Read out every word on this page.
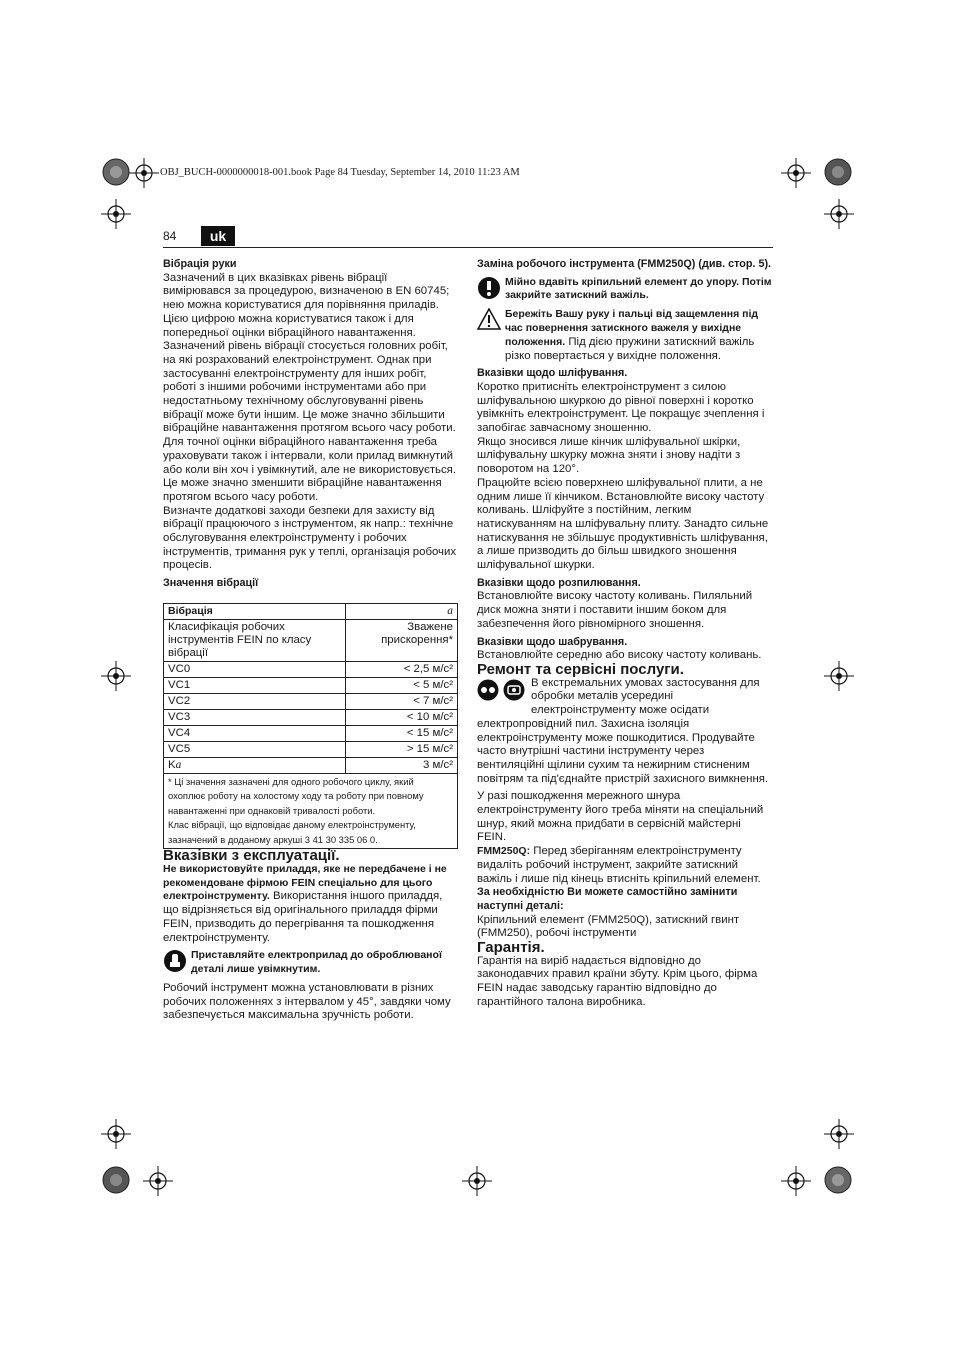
OBJ_BUCH-0000000018-001.book Page 84 Tuesday, September 14, 2010 11:23 AM
84	uk

Вібрація руки

Зазначений в цих вказівках рівень вібрації вимірювався за процедурою, визначеною в EN 60745; нею можна користуватися для порівняння приладів. Цією цифрою можна користуватися також і для попередньої оцінки вібраційного навантаження.

Зазначений рівень вібрації стосується головних робіт, на які розрахований електроінструмент. Однак при застосуванні електроінструменту для інших робіт, роботі з іншими робочими інструментами або при недостатньому технічному обслуговуванні рівень вібрації може бути іншим. Це може значно збільшити вібраційне навантаження протягом всього часу роботи.

Для точної оцінки вібраційного навантаження треба ураховувати також і інтервали, коли прилад вимкнутий або коли він хоч і увімкнутий, але не використовується. Це може значно зменшити вібраційне навантаження протягом всього часу роботи.

Визначте додаткові заходи безпеки для захисту від вібрації працюючого з інструментом, як напр.: технічне обслуговування електроінструменту і робочих інструментів, тримання рук у теплі, організація робочих процесів.

Значення вібрації

Вібрація	a
Класифікація робочих інструментів FEIN по класу вібрації	Зважене прискорення*
VC0	< 2,5 м/с²
VC1	< 5 м/с²
VC2	< 7 м/с²
VC3	< 10 м/с²
VC4	< 15 м/с²
VC5	> 15 м/с²
Ka	3 м/с²

* Ці значення зазначені для одного робочого циклу, який охоплює роботу на холостому ходу та роботу при повному навантаженні при однаковій тривалості роботи.
Клас вібрації, що відповідає даному електроінструменту, зазначений в доданому аркуші 3 41 30 335 06 0.	

Вказівки з експлуатації.

Не використовуйте приладдя, яке не передбачене і не рекомендоване фірмою FEIN спеціально для цього електроінструменту. Використання іншого приладдя, що відрізняється від оригінального приладдя фірми FEIN, призводить до перегрівання та пошкодження електроінструменту.

Приставляйте електроприлад до оброблюваної деталі лише увімкнутим.

Робочий інструмент можна установлювати в різних робочих положеннях з інтервалом у 45°, завдяки чому забезпечується максимальна зручність роботи.

Заміна робочого інструмента (FMM250Q) (див. стор. 5).

Мійно вдавіть кріпильний елемент до упору. Потім закрийте затискний важіль.
Бережіть Вашу руку і пальці від защемлення під час повернення затискного важеля у вихідне положення. Під дією пружини затискний важіль різко повертається у вихідне положення.

Вказівки щодо шліфування.

Коротко притисніть електроінструмент з силою шліфувальною шкуркою до рівної поверхні і коротко увімкніть електроінструмент. Це покращує зчеплення і запобігає завчасному зношенню.

Якщо зносився лише кінчик шліфувальної шкірки, шліфувальну шкурку можна зняти і знову надіти з поворотом на 120°.

Працюйте всією поверхнею шліфувальної плити, а не одним лише її кінчиком. Встановлюйте високу частоту коливань. Шліфуйте з постійним, легким натискуванням на шліфувальну плиту. Занадто сильне натискування не збільшує продуктивність шліфування, а лише призводить до більш швидкого зношення шліфувальної шкурки.

Вказівки щодо розпилювання.

Встановлюйте високу частоту коливань. Пиляльний диск можна зняти і поставити іншим боком для забезпечення його рівномірного зношення.

Вказівки щодо шабрування.

Встановлюйте середню або високу частоту коливань.

Ремонт та сервісні послуги.

В екстремальних умовах застосування для обробки металів усередині електроінструменту може осідати електропровідний пил. Захисна ізоляція електроінструменту може пошкодитися. Продувайте часто внутрішні частини інструменту через вентиляційні щілини сухим та нежирним стисненим повітрям та під'єднайте пристрій захисного вимкнення.

У разі пошкодження мережного шнура електроінструменту його треба міняти на спеціальний шнур, який можна придбати в сервісній майстерні FEIN.

FMM250Q: Перед зберіганням електроінструменту видаліть робочий інструмент, закрийте затискний важіль і лише під кінець втисніть кріпильний елемент.

За необхідністю Ви можете самостійно замінити наступні деталі:

Кріпильний елемент (FMM250Q), затискний гвинт (FMM250), робочі інструменти

Гарантія.

Гарантія на виріб надається відповідно до законодавчих правил країни збуту. Крім цього, фірма FEIN надає заводську гарантію відповідно до гарантійного талона виробника.
